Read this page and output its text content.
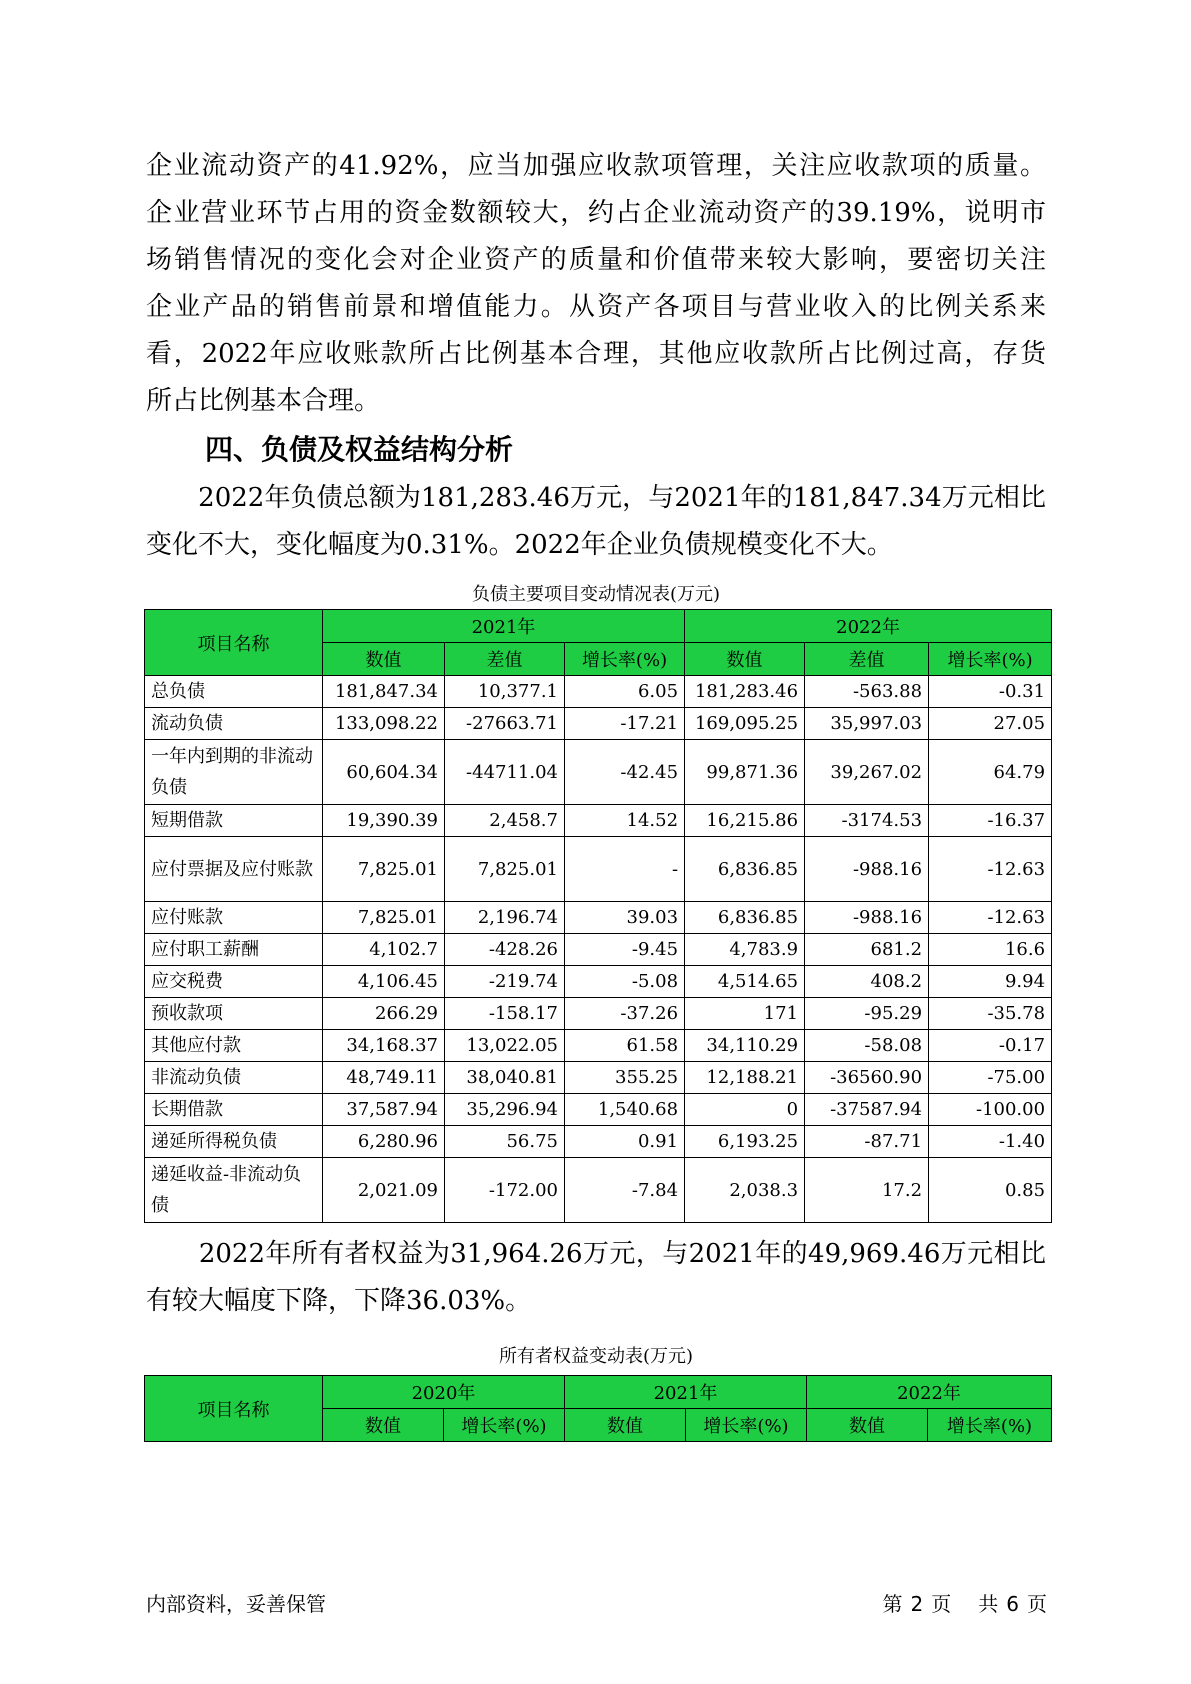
企业流动资产的41.92%，应当加强应收款项管理，关注应收款项的质量。
企业营业环节占用的资金数额较大，约占企业流动资产的39.19%，说明市
场销售情况的变化会对企业资产的质量和价值带来较大影响，要密切关注
企业产品的销售前景和增值能力。从资产各项目与营业收入的比例关系来
看，2022年应收账款所占比例基本合理，其他应收款所占比例过高，存货
所占比例基本合理。
四、负债及权益结构分析
　　2022年负债总额为181,283.46万元，与2021年的181,847.34万元相比
变化不大，变化幅度为0.31%。2022年企业负债规模变化不大。
负债主要项目变动情况表(万元)
项目名称	2021年			2022年		
	数值	差值	增长率(%)	数值	差值	增长率(%)
总负债	181,847.34	10,377.1	6.05	181,283.46	-563.88	-0.31
流动负债	133,098.22	-27663.71	-17.21	169,095.25	35,997.03	27.05
一年内到期的非流动负债	60,604.34	-44711.04	-42.45	99,871.36	39,267.02	64.79
短期借款	19,390.39	2,458.7	14.52	16,215.86	-3174.53	-16.37
应付票据及应付账款	7,825.01	7,825.01	-	6,836.85	-988.16	-12.63
应付账款	7,825.01	2,196.74	39.03	6,836.85	-988.16	-12.63
应付职工薪酬	4,102.7	-428.26	-9.45	4,783.9	681.2	16.6
应交税费	4,106.45	-219.74	-5.08	4,514.65	408.2	9.94
预收款项	266.29	-158.17	-37.26	171	-95.29	-35.78
其他应付款	34,168.37	13,022.05	61.58	34,110.29	-58.08	-0.17
非流动负债	48,749.11	38,040.81	355.25	12,188.21	-36560.90	-75.00
长期借款	37,587.94	35,296.94	1,540.68	0	-37587.94	-100.00
递延所得税负债	6,280.96	56.75	0.91	6,193.25	-87.71	-1.40
递延收益-非流动负债	2,021.09	-172.00	-7.84	2,038.3	17.2	0.85
　　2022年所有者权益为31,964.26万元，与2021年的49,969.46万元相比
有较大幅度下降，下降36.03%。
所有者权益变动表(万元)
项目名称	2020年		2021年		2022年	
	数值	增长率(%)	数值	增长率(%)	数值	增长率(%)
内部资料，妥善保管	第 2 页 共 6 页
